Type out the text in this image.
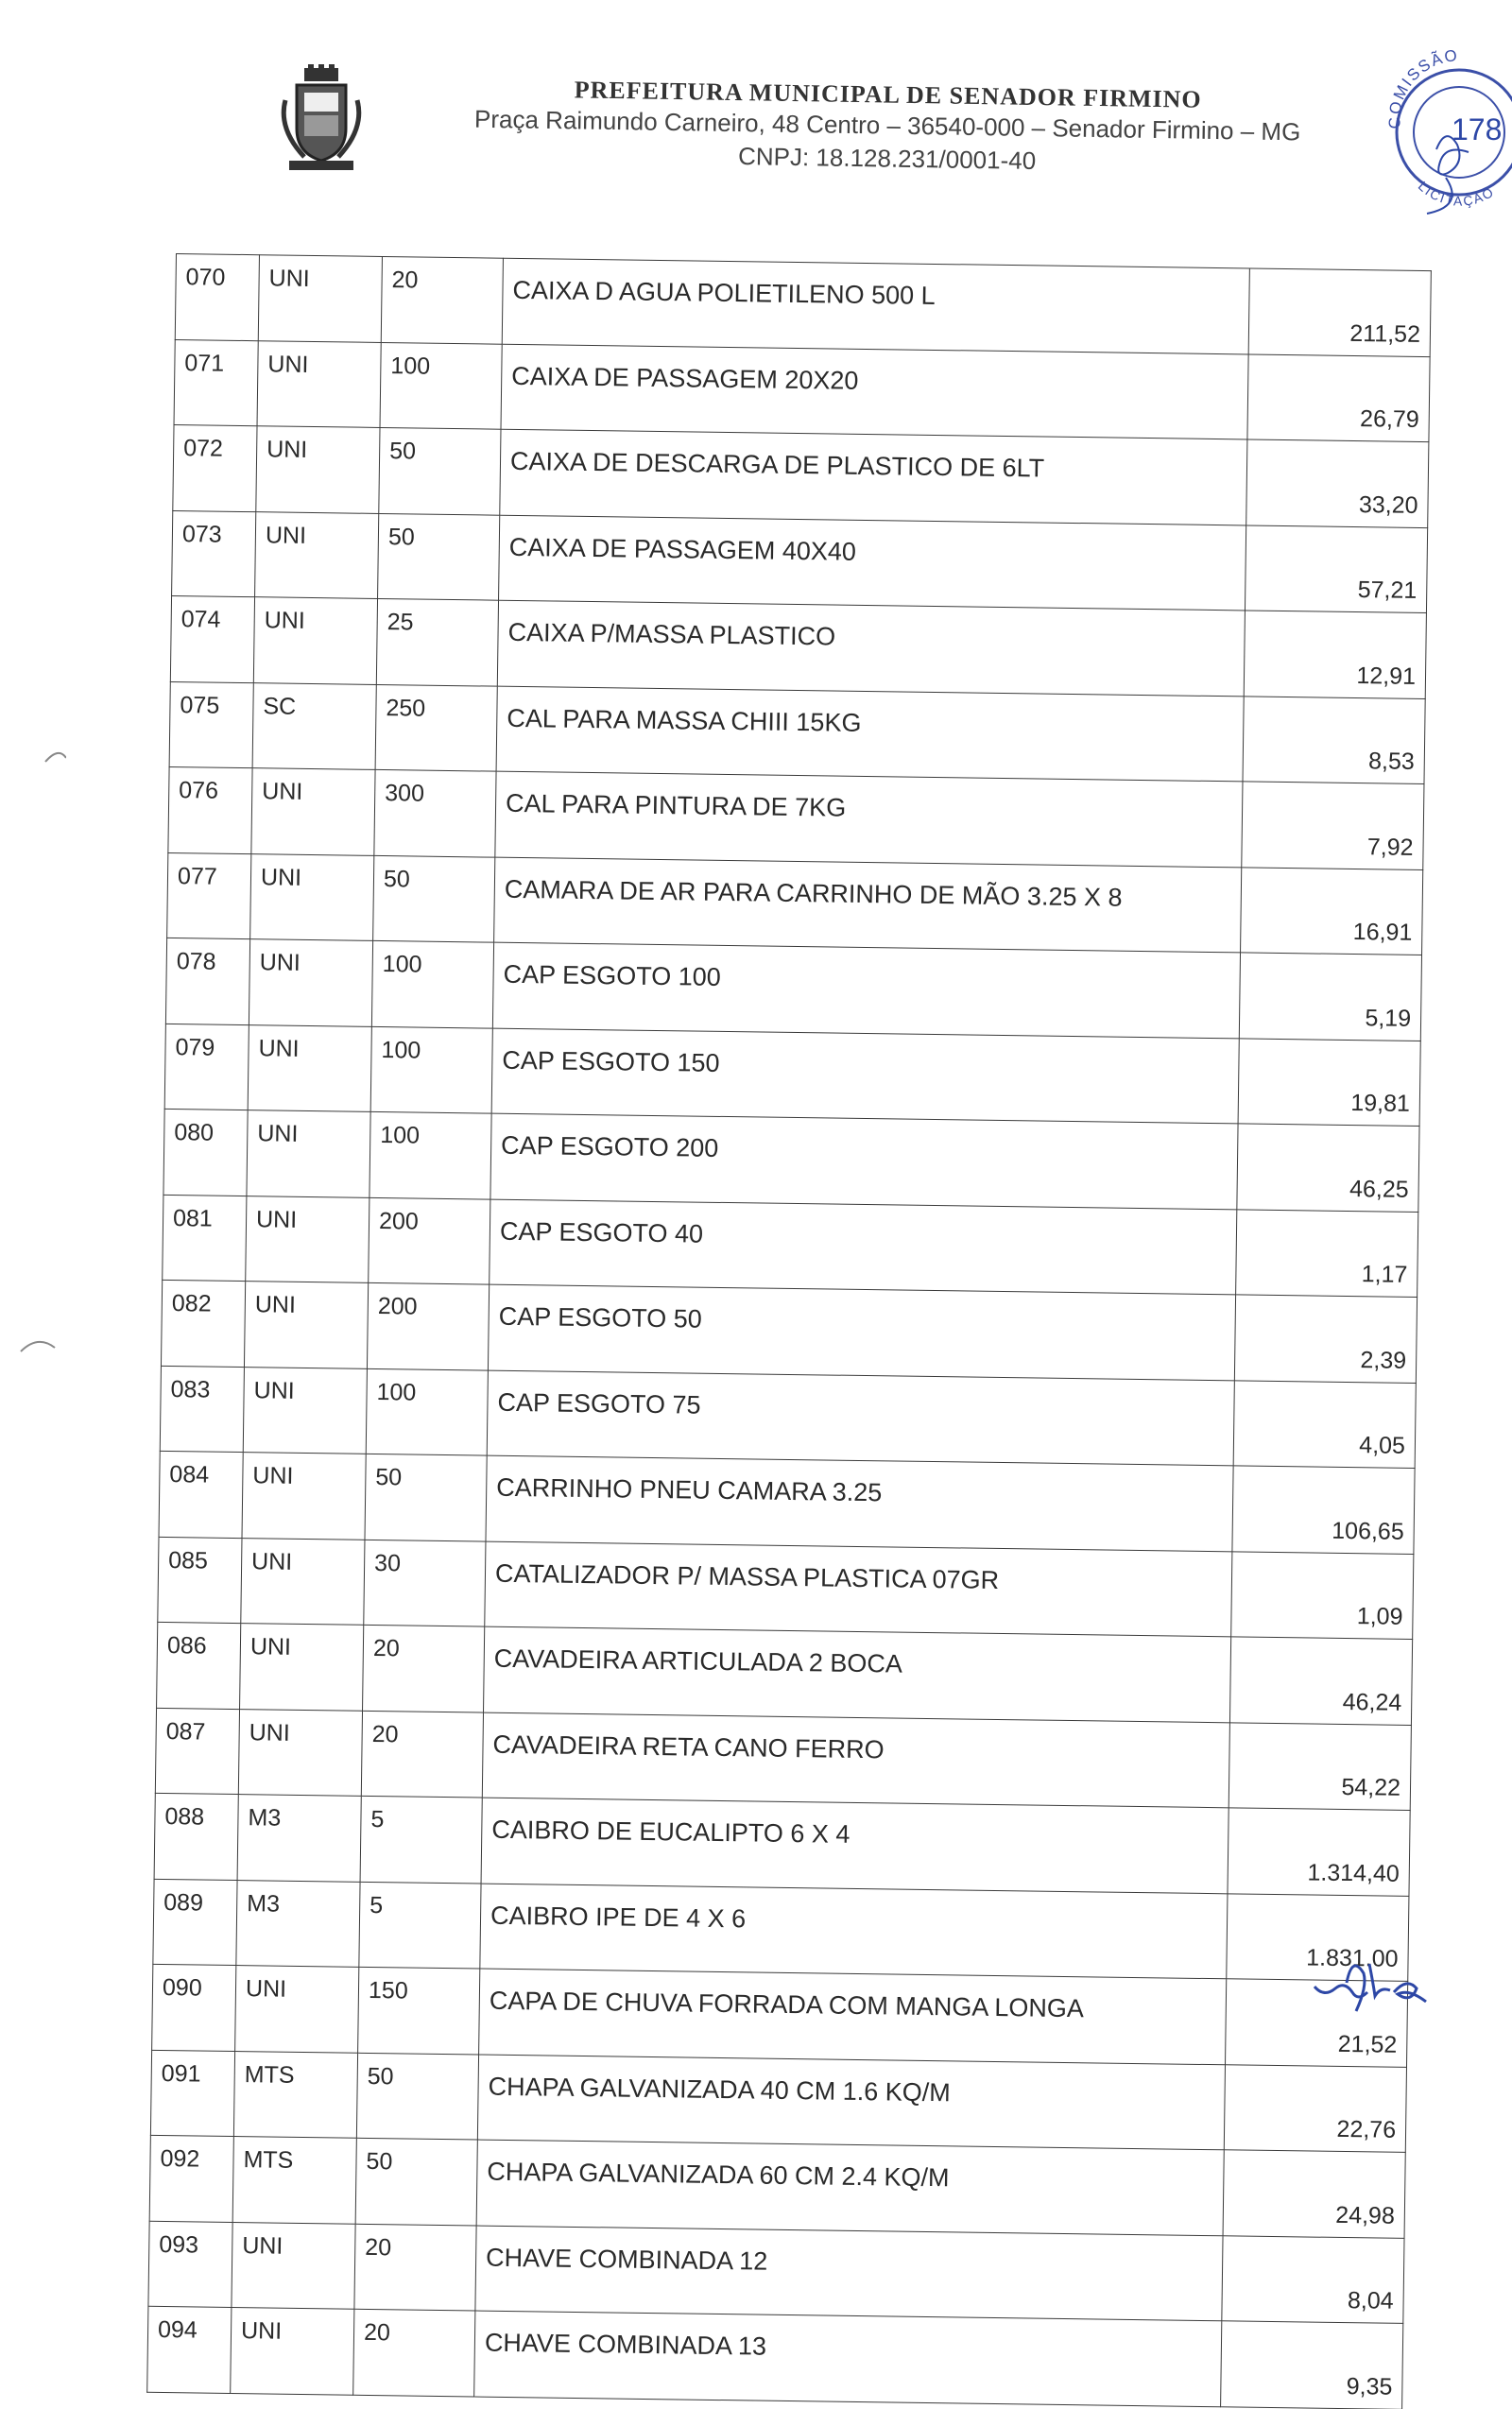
PREFEITURA MUNICIPAL DE SENADOR FIRMINO
Praça Raimundo Carneiro, 48 Centro – 36540-000 – Senador Firmino – MG
CNPJ: 18.128.231/0001-40
COMISSÃO
LICITAÇÃO
178
070	UNI	20	CAIXA D AGUA POLIETILENO 500 L	211,52
071	UNI	100	CAIXA DE PASSAGEM 20X20	26,79
072	UNI	50	CAIXA DE DESCARGA DE PLASTICO DE 6LT	33,20
073	UNI	50	CAIXA DE PASSAGEM 40X40	57,21
074	UNI	25	CAIXA P/MASSA PLASTICO	12,91
075	SC	250	CAL PARA MASSA CHIII 15KG	8,53
076	UNI	300	CAL PARA PINTURA DE 7KG	7,92
077	UNI	50	CAMARA DE AR PARA CARRINHO DE MÃO 3.25 X 8	16,91
078	UNI	100	CAP ESGOTO 100	5,19
079	UNI	100	CAP ESGOTO 150	19,81
080	UNI	100	CAP ESGOTO 200	46,25
081	UNI	200	CAP ESGOTO 40	1,17
082	UNI	200	CAP ESGOTO 50	2,39
083	UNI	100	CAP ESGOTO 75	4,05
084	UNI	50	CARRINHO PNEU CAMARA 3.25	106,65
085	UNI	30	CATALIZADOR P/ MASSA PLASTICA 07GR	1,09
086	UNI	20	CAVADEIRA ARTICULADA 2 BOCA	46,24
087	UNI	20	CAVADEIRA RETA CANO FERRO	54,22
088	M3	5	CAIBRO DE EUCALIPTO 6 X 4	1.314,40
089	M3	5	CAIBRO IPE DE 4 X 6	1.831.00
090	UNI	150	CAPA DE CHUVA FORRADA COM MANGA LONGA	21,52
091	MTS	50	CHAPA GALVANIZADA 40 CM 1.6 KQ/M	22,76
092	MTS	50	CHAPA GALVANIZADA 60 CM 2.4 KQ/M	24,98
093	UNI	20	CHAVE COMBINADA 12	8,04
094	UNI	20	CHAVE COMBINADA 13	9,35
